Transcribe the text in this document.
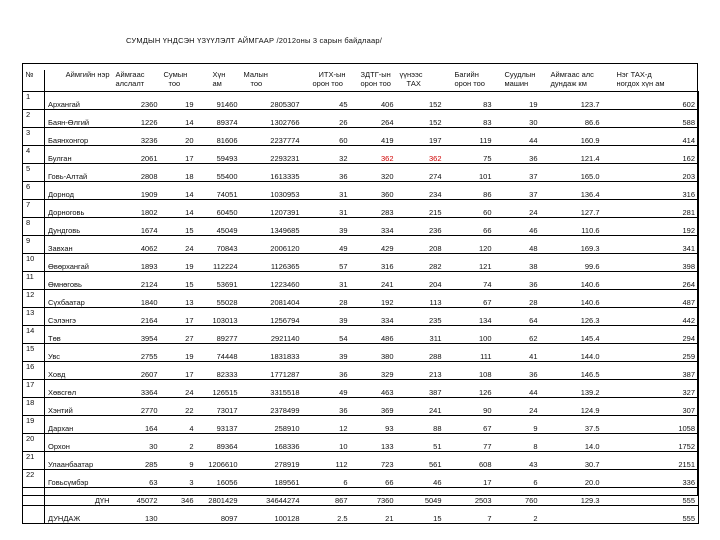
СУМДЫН ҮНДСЭН ҮЗҮҮЛЭЛТ АЙМГААР /2012оны 3 сарын байдлаар/
№	Аймгийн нэр	Аймгаас	Сумын	Хүн	Малын	ИТХ-ын	ЗДТГ-ын	үүнээс	Багийн	Суудлын	Аймгаас алс	Нэг ТАХ-д
		алслалт	тоо	ам	тоо	орон тоо	орон тоо	ТАХ	орон тоо	машин	дундаж км	ногдох хүн ам
1	Архангай	2360	19	91460	2805307	45	406	152	83	19	123.7	602
2	Баян-Өлгий	1226	14	89374	1302766	26	264	152	83	30	86.6	588
3	Баянхонгор	3236	20	81606	2237774	60	419	197	119	44	160.9	414
4	Булган	2061	17	59493	2293231	32	362	362	75	36	121.4	162
5	Говь-Алтай	2808	18	55400	1613335	36	320	274	101	37	165.0	203
6	Дорнод	1909	14	74051	1030953	31	360	234	86	37	136.4	316
7	Дорноговь	1802	14	60450	1207391	31	283	215	60	24	127.7	281
8	Дундговь	1674	15	45049	1349685	39	334	236	66	46	110.6	192
9	Завхан	4062	24	70843	2006120	49	429	208	120	48	169.3	341
10	Өвөрхангай	1893	19	112224	1126365	57	316	282	121	38	99.6	398
11	Өмнөговь	2124	15	53691	1223460	31	241	204	74	36	140.6	264
12	Сүхбаатар	1840	13	55028	2081404	28	192	113	67	28	140.6	487
13	Сэлэнгэ	2164	17	103013	1256794	39	334	235	134	64	126.3	442
14	Төв	3954	27	89277	2921140	54	486	311	100	62	145.4	294
15	Увс	2755	19	74448	1831833	39	380	288	111	41	144.0	259
16	Ховд	2607	17	82333	1771287	36	329	213	108	36	146.5	387
17	Хөвсгөл	3364	24	126515	3315518	49	463	387	126	44	139.2	327
18	Хэнтий	2770	22	73017	2378499	36	369	241	90	24	124.9	307
19	Дархан	164	4	93137	258910	12	93	88	67	9	37.5	1058
20	Орхон	30	2	89364	168336	10	133	51	77	8	14.0	1752
21	Улаанбаатар	285	9	1206610	278919	112	723	561	608	43	30.7	2151
22	Говьсүмбэр	63	3	16056	189561	6	66	46	17	6	20.0	336
	ДҮН	45072	346	2801429	34644274	867	7360	5049	2503	760	129.3	555
	ДУНДАЖ	130		8097	100128	2.5	21	15	7	2		555
